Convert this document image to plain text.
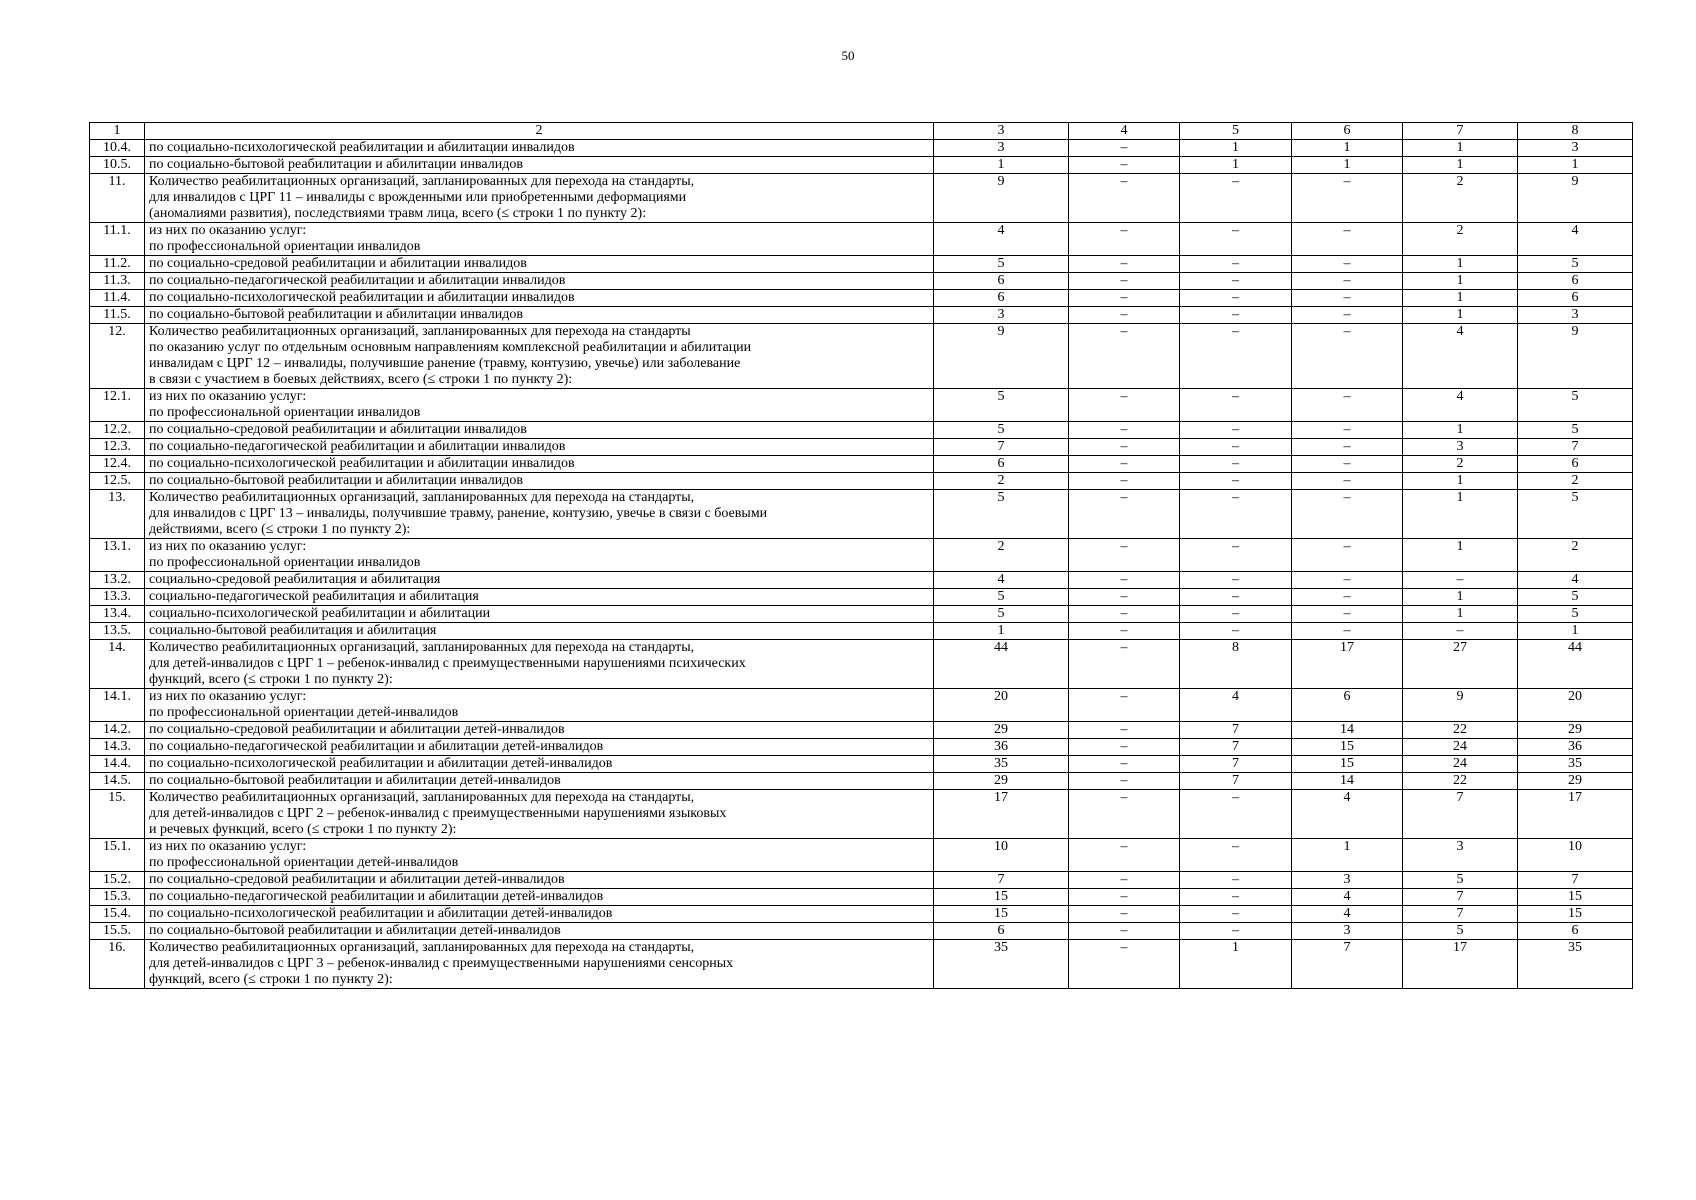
50
1	2	3	4	5	6	7	8
10.4.	по социально-психологической реабилитации и абилитации инвалидов	3	–	1	1	1	3
10.5.	по социально-бытовой реабилитации и абилитации инвалидов	1	–	1	1	1	1
11.	Количество реабилитационных организаций, запланированных для перехода на стандарты,
для инвалидов с ЦРГ 11 – инвалиды с врожденными или приобретенными деформациями
(аномалиями развития), последствиями травм лица, всего (≤ строки 1 по пункту 2):	9	–	–	–	2	9
11.1.	из них по оказанию услуг:
по профессиональной ориентации инвалидов	4	–	–	–	2	4
11.2.	по социально-средовой реабилитации и абилитации инвалидов	5	–	–	–	1	5
11.3.	по социально-педагогической реабилитации и абилитации инвалидов	6	–	–	–	1	6
11.4.	по социально-психологической реабилитации и абилитации инвалидов	6	–	–	–	1	6
11.5.	по социально-бытовой реабилитации и абилитации инвалидов	3	–	–	–	1	3
12.	Количество реабилитационных организаций, запланированных для перехода на стандарты
по оказанию услуг по отдельным основным направлениям комплексной реабилитации и абилитации
инвалидам с ЦРГ 12 – инвалиды, получившие ранение (травму, контузию, увечье) или заболевание
в связи с участием в боевых действиях, всего (≤ строки 1 по пункту 2):	9	–	–	–	4	9
12.1.	из них по оказанию услуг:
по профессиональной ориентации инвалидов	5	–	–	–	4	5
12.2.	по социально-средовой реабилитации и абилитации инвалидов	5	–	–	–	1	5
12.3.	по социально-педагогической реабилитации и абилитации инвалидов	7	–	–	–	3	7
12.4.	по социально-психологической реабилитации и абилитации инвалидов	6	–	–	–	2	6
12.5.	по социально-бытовой реабилитации и абилитации инвалидов	2	–	–	–	1	2
13.	Количество реабилитационных организаций, запланированных для перехода на стандарты,
для инвалидов с ЦРГ 13 – инвалиды, получившие травму, ранение, контузию, увечье в связи с боевыми
действиями, всего (≤ строки 1 по пункту 2):	5	–	–	–	1	5
13.1.	из них по оказанию услуг:
по профессиональной ориентации инвалидов	2	–	–	–	1	2
13.2.	социально-средовой реабилитация и абилитация	4	–	–	–	–	4
13.3.	социально-педагогической реабилитация и абилитация	5	–	–	–	1	5
13.4.	социально-психологической реабилитации и абилитации	5	–	–	–	1	5
13.5.	социально-бытовой реабилитация и абилитация	1	–	–	–	–	1
14.	Количество реабилитационных организаций, запланированных для перехода на стандарты,
для детей-инвалидов с ЦРГ 1 – ребенок-инвалид с преимущественными нарушениями психических
функций, всего (≤ строки 1 по пункту 2):	44	–	8	17	27	44
14.1.	из них по оказанию услуг:
по профессиональной ориентации детей-инвалидов	20	–	4	6	9	20
14.2.	по социально-средовой реабилитации и абилитации детей-инвалидов	29	–	7	14	22	29
14.3.	по социально-педагогической реабилитации и абилитации детей-инвалидов	36	–	7	15	24	36
14.4.	по социально-психологической реабилитации и абилитации детей-инвалидов	35	–	7	15	24	35
14.5.	по социально-бытовой реабилитации и абилитации детей-инвалидов	29	–	7	14	22	29
15.	Количество реабилитационных организаций, запланированных для перехода на стандарты,
для детей-инвалидов с ЦРГ 2 – ребенок-инвалид с преимущественными нарушениями языковых
и речевых функций, всего (≤ строки 1 по пункту 2):	17	–	–	4	7	17
15.1.	из них по оказанию услуг:
по профессиональной ориентации детей-инвалидов	10	–	–	1	3	10
15.2.	по социально-средовой реабилитации и абилитации детей-инвалидов	7	–	–	3	5	7
15.3.	по социально-педагогической реабилитации и абилитации детей-инвалидов	15	–	–	4	7	15
15.4.	по социально-психологической реабилитации и абилитации детей-инвалидов	15	–	–	4	7	15
15.5.	по социально-бытовой реабилитации и абилитации детей-инвалидов	6	–	–	3	5	6
16.	Количество реабилитационных организаций, запланированных для перехода на стандарты,
для детей-инвалидов с ЦРГ 3 – ребенок-инвалид с преимущественными нарушениями сенсорных
функций, всего (≤ строки 1 по пункту 2):	35	–	1	7	17	35
